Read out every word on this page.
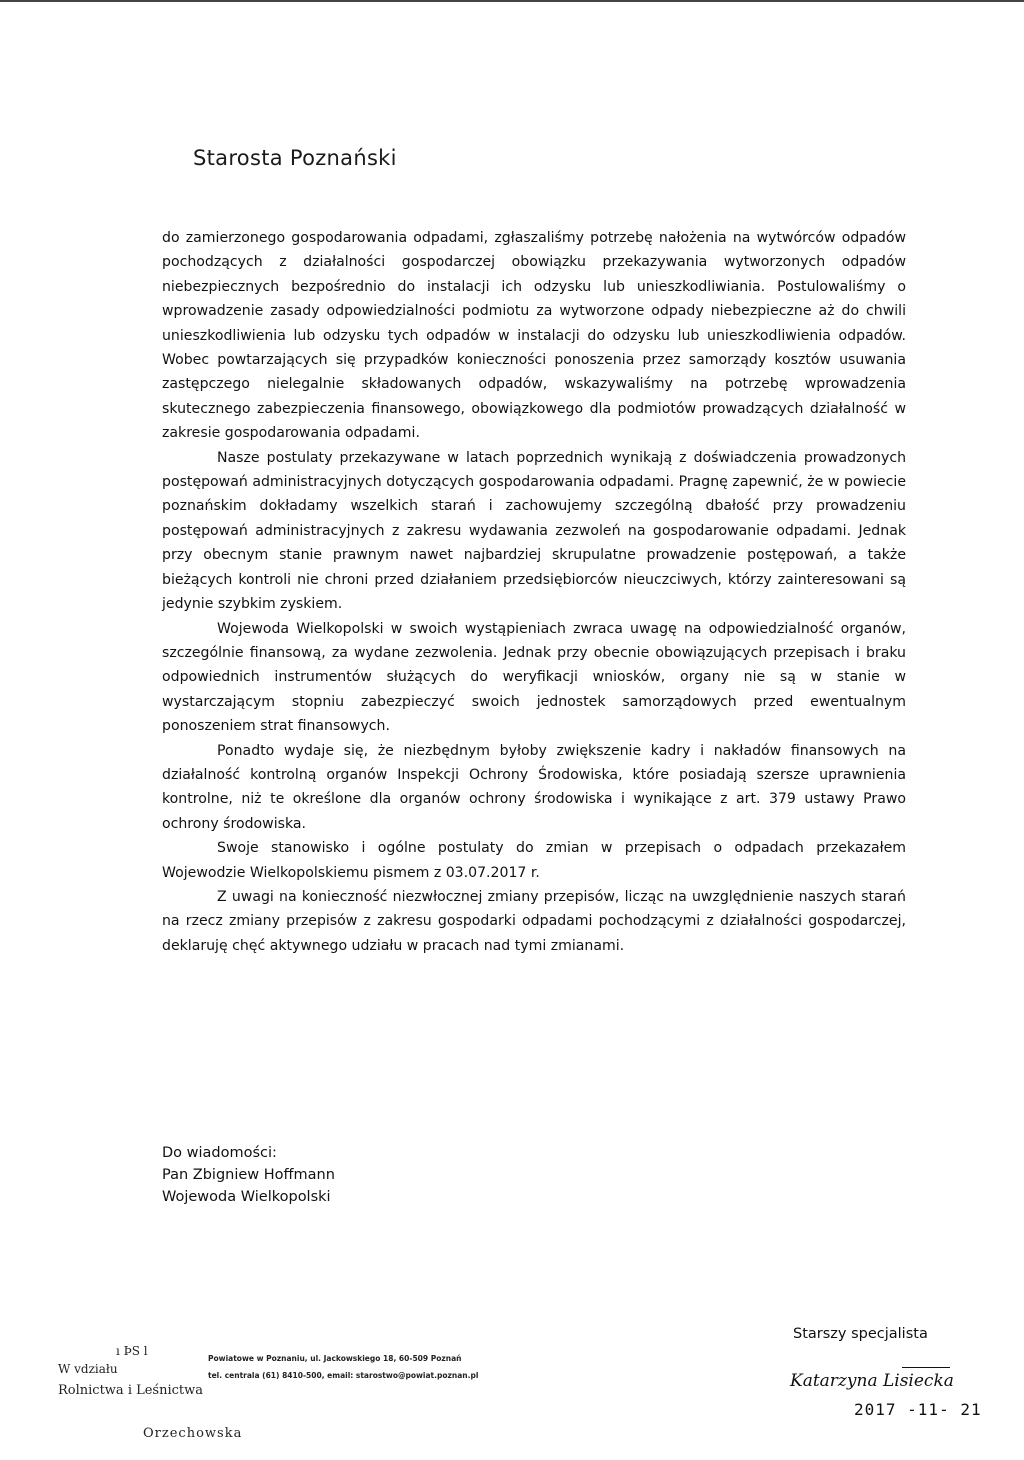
Starosta Poznański

do zamierzonego gospodarowania odpadami, zgłaszaliśmy potrzebę nałożenia na wytwórców odpadów pochodzących z działalności gospodarczej obowiązku przekazywania wytworzonych odpadów niebezpiecznych bezpośrednio do instalacji ich odzysku lub unieszkodliwiania. Postulowaliśmy o wprowadzenie zasady odpowiedzialności podmiotu za wytworzone odpady niebezpieczne aż do chwili unieszkodliwienia lub odzysku tych odpadów w instalacji do odzysku lub unieszkodliwienia odpadów. Wobec powtarzających się przypadków konieczności ponoszenia przez samorządy kosztów usuwania zastępczego nielegalnie składowanych odpadów, wskazywaliśmy na potrzebę wprowadzenia skutecznego zabezpieczenia finansowego, obowiązkowego dla podmiotów prowadzących działalność w zakresie gospodarowania odpadami.

Nasze postulaty przekazywane w latach poprzednich wynikają z doświadczenia prowadzonych postępowań administracyjnych dotyczących gospodarowania odpadami. Pragnę zapewnić, że w powiecie poznańskim dokładamy wszelkich starań i zachowujemy szczególną dbałość przy prowadzeniu postępowań administracyjnych z zakresu wydawania zezwoleń na gospodarowanie odpadami. Jednak przy obecnym stanie prawnym nawet najbardziej skrupulatne prowadzenie postępowań, a także bieżących kontroli nie chroni przed działaniem przedsiębiorców nieuczciwych, którzy zainteresowani są jedynie szybkim zyskiem.

Wojewoda Wielkopolski w swoich wystąpieniach zwraca uwagę na odpowiedzialność organów, szczególnie finansową, za wydane zezwolenia. Jednak przy obecnie obowiązujących przepisach i braku odpowiednich instrumentów służących do weryfikacji wniosków, organy nie są w stanie w wystarczającym stopniu zabezpieczyć swoich jednostek samorządowych przed ewentualnym ponoszeniem strat finansowych.

Ponadto wydaje się, że niezbędnym byłoby zwiększenie kadry i nakładów finansowych na działalność kontrolną organów Inspekcji Ochrony Środowiska, które posiadają szersze uprawnienia kontrolne, niż te określone dla organów ochrony środowiska i wynikające z art. 379 ustawy Prawo ochrony środowiska.

Swoje stanowisko i ogólne postulaty do zmian w przepisach o odpadach przekazałem Wojewodzie Wielkopolskiemu pismem z 03.07.2017 r.

Z uwagi na konieczność niezwłocznej zmiany przepisów, licząc na uwzględnienie naszych starań na rzecz zmiany przepisów z zakresu gospodarki odpadami pochodzącymi z działalności gospodarczej, deklaruję chęć aktywnego udziału w pracach nad tymi zmianami.

Do wiadomości:
Pan Zbigniew Hoffmann
Wojewoda Wielkopolski
ı ÞЅ l
W vdziału
Rolnictwa i Leśnictwa
Orzechowska
Powiatowe w Poznaniu, ul. Jackowskiego 18, 60-509 Poznań
tel. centrala (61) 8410-500, email: starostwo@powiat.poznan.pl
Starszy specjalista
Katarzyna Lisiecka
2017 -11- 21
